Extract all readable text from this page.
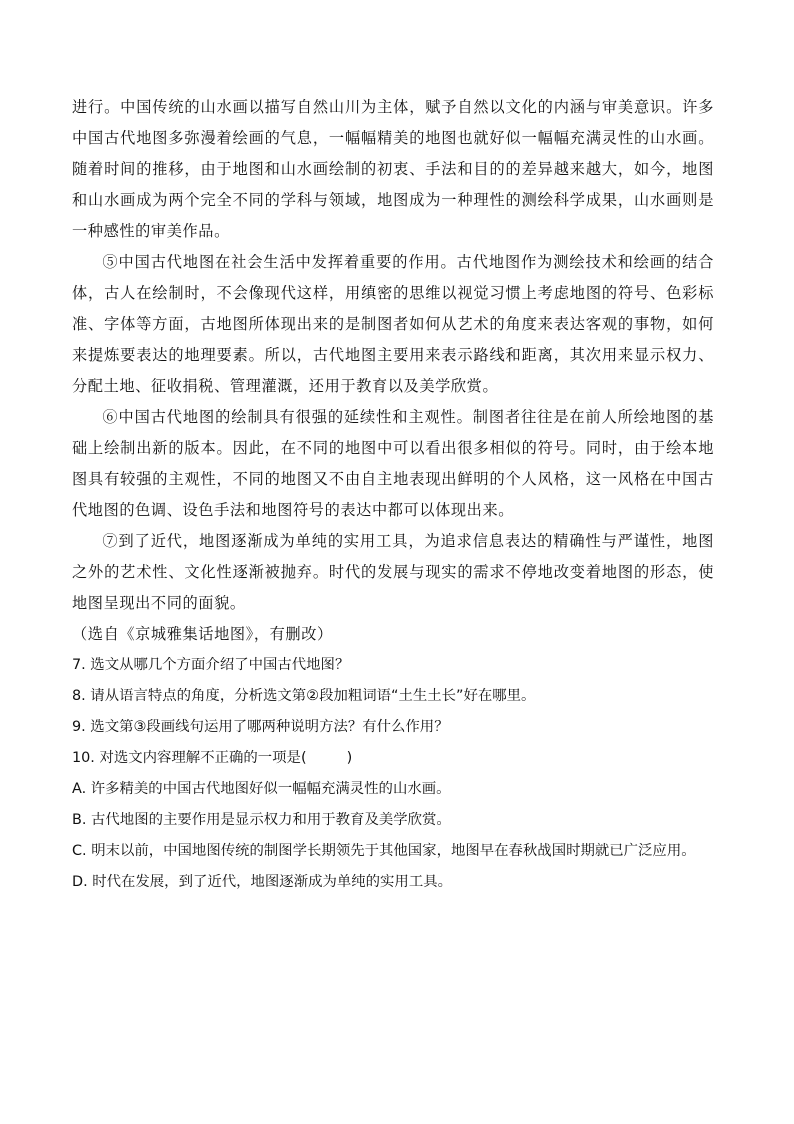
进行。中国传统的山水画以描写自然山川为主体，赋予自然以文化的内涵与审美意识。许多中国古代地图多弥漫着绘画的气息，一幅幅精美的地图也就好似一幅幅充满灵性的山水画。随着时间的推移，由于地图和山水画绘制的初衷、手法和目的的差异越来越大，如今，地图和山水画成为两个完全不同的学科与领域，地图成为一种理性的测绘科学成果，山水画则是一种感性的审美作品。

⑤中国古代地图在社会生活中发挥着重要的作用。古代地图作为测绘技术和绘画的结合体，古人在绘制时，不会像现代这样，用缜密的思维以视觉习惯上考虑地图的符号、色彩标准、字体等方面，古地图所体现出来的是制图者如何从艺术的角度来表达客观的事物，如何来提炼要表达的地理要素。所以，古代地图主要用来表示路线和距离，其次用来显示权力、分配土地、征收捐税、管理灌溉，还用于教育以及美学欣赏。

⑥中国古代地图的绘制具有很强的延续性和主观性。制图者往往是在前人所绘地图的基础上绘制出新的版本。因此，在不同的地图中可以看出很多相似的符号。同时，由于绘本地图具有较强的主观性，不同的地图又不由自主地表现出鲜明的个人风格，这一风格在中国古代地图的色调、设色手法和地图符号的表达中都可以体现出来。

⑦到了近代，地图逐渐成为单纯的实用工具，为追求信息表达的精确性与严谨性，地图之外的艺术性、文化性逐渐被抛弃。时代的发展与现实的需求不停地改变着地图的形态，使地图呈现出不同的面貌。

（选自《京城雅集话地图》，有删改）

7. 选文从哪几个方面介绍了中国古代地图？

8. 请从语言特点的角度，分析选文第②段加粗词语“土生土长”好在哪里。

9. 选文第③段画线句运用了哪两种说明方法？有什么作用？

10. 对选文内容理解不正确的一项是(	)

A. 许多精美的中国古代地图好似一幅幅充满灵性的山水画。

B. 古代地图的主要作用是显示权力和用于教育及美学欣赏。

C. 明末以前，中国地图传统的制图学长期领先于其他国家，地图早在春秋战国时期就已广泛应用。

D. 时代在发展，到了近代，地图逐渐成为单纯的实用工具。
